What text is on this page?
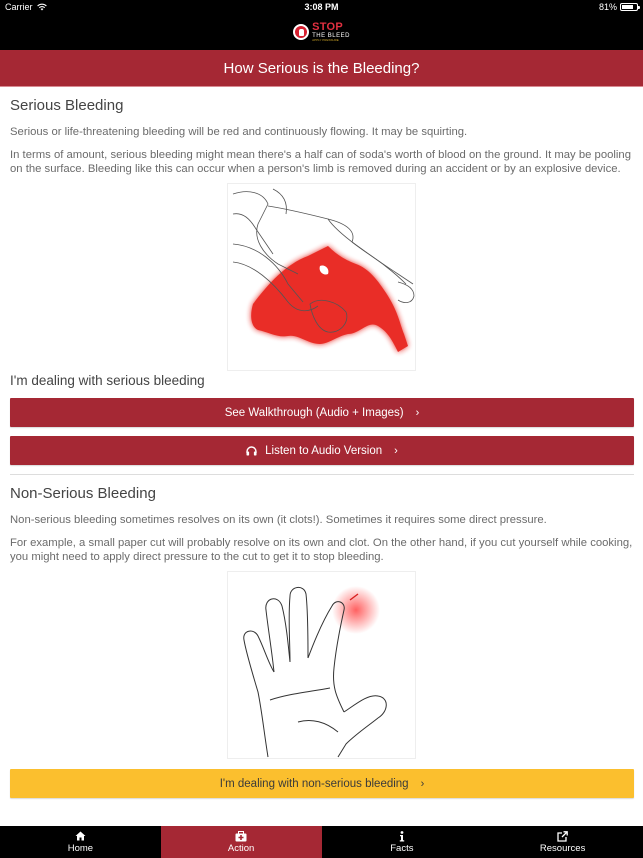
Carrier	3:08 PM	81%
STOP
THE BLEED
APPLY PRESSURE
How Serious is the Bleeding?
Serious Bleeding
Serious or life-threatening bleeding will be red and continuously flowing. It may be squirting.
In terms of amount, serious bleeding might mean there's a half can of soda's worth of blood on the ground. It may be pooling on the surface. Bleeding like this can occur when a person's limb is removed during an accident or by an explosive device.
I'm dealing with serious bleeding
See Walkthrough (Audio + Images) ›
Listen to Audio Version ›
Non-Serious Bleeding
Non-serious bleeding sometimes resolves on its own (it clots!). Sometimes it requires some direct pressure.
For example, a small paper cut will probably resolve on its own and clot. On the other hand, if you cut yourself while cooking, you might need to apply direct pressure to the cut to get it to stop bleeding.
I'm dealing with non-serious bleeding ›
Home	Action	Facts	Resources
